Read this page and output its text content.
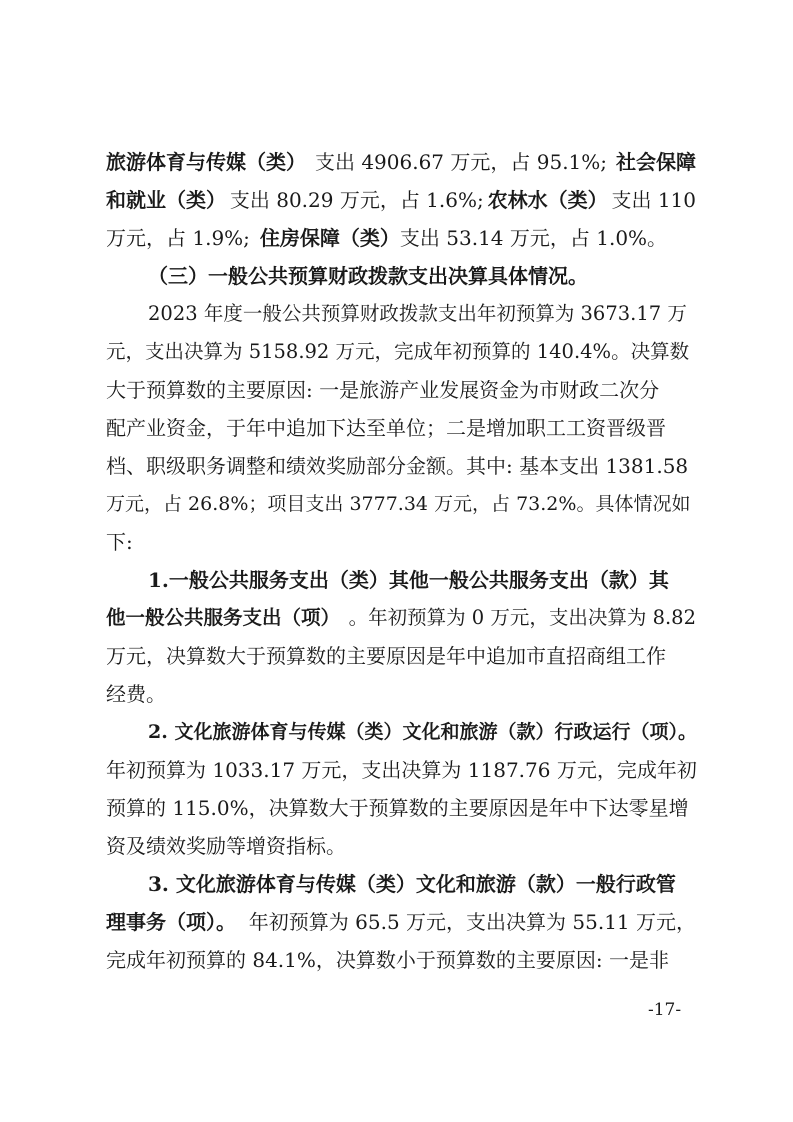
旅游体育与传媒（类） 支出 4906.67 万元，占 95.1%; 社会保障
和就业（类） 支出 80.29 万元，占 1.6%; 农林水（类） 支出 110
万元，占 1.9%; 住房保障（类） 支出 53.14 万元，占 1.0%。
（三）一般公共预算财政拨款支出决算具体情况。
2023 年度一般公共预算财政拨款支出年初预算为 3673.17 万
元，支出决算为 5158.92 万元，完成年初预算的 140.4%。决算数
大于预算数的主要原因: 一是旅游产业发展资金为市财政二次分
配产业资金，于年中追加下达至单位；二是增加职工工资晋级晋
档、职级职务调整和绩效奖励部分金额。其中: 基本支出 1381.58
万元，占 26.8%；项目支出 3777.34 万元，占 73.2%。具体情况如
下:
1.一般公共服务支出（类）其他一般公共服务支出（款）其
他一般公共服务支出（项） 。年初预算为 0 万元，支出决算为 8.82
万元，决算数大于预算数的主要原因是年中追加市直招商组工作
经费。
2. 文化旅游体育与传媒（类）文化和旅游（款）行政运行（项）。
年初预算为 1033.17 万元，支出决算为 1187.76 万元，完成年初
预算的 115.0%，决算数大于预算数的主要原因是年中下达零星增
资及绩效奖励等增资指标。
3. 文化旅游体育与传媒（类）文化和旅游（款）一般行政管
理事务（项）。 年初预算为 65.5 万元，支出决算为 55.11 万元，
完成年初预算的 84.1%，决算数小于预算数的主要原因: 一是非
-17-
